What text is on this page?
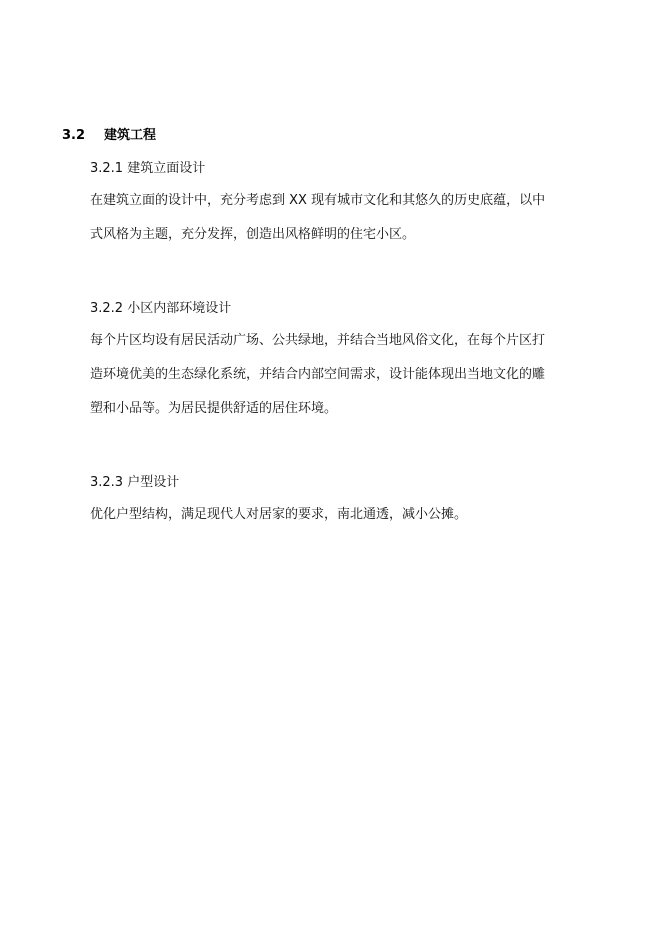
3.2 建筑工程
3.2.1 建筑立面设计
在建筑立面的设计中，充分考虑到 XX 现有城市文化和其悠久的历史底蕴，以中
式风格为主题，充分发挥，创造出风格鲜明的住宅小区。
3.2.2 小区内部环境设计
每个片区均设有居民活动广场、公共绿地，并结合当地风俗文化，在每个片区打
造环境优美的生态绿化系统，并结合内部空间需求，设计能体现出当地文化的雕
塑和小品等。为居民提供舒适的居住环境。
3.2.3 户型设计
优化户型结构，满足现代人对居家的要求，南北通透，减小公摊。
